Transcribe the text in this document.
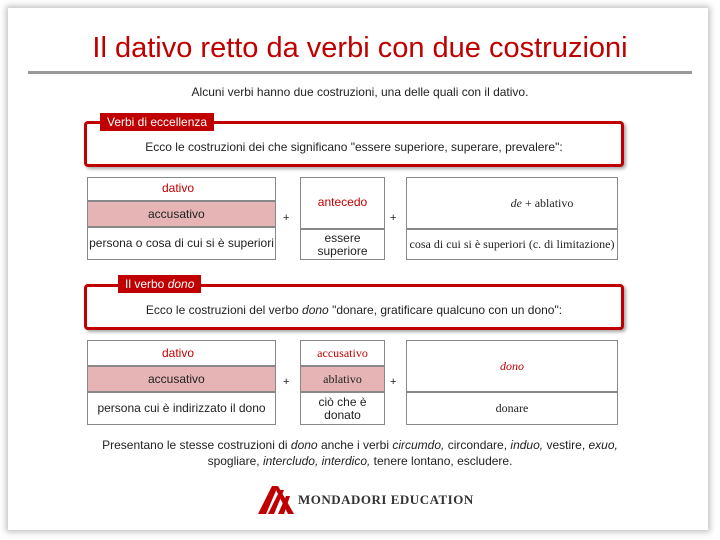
Il dativo retto da verbi con due costruzioni
Alcuni verbi hanno due costruzioni, una delle quali con il dativo.
Ecco le costruzioni dei che significano "essere superiore, superare, prevalere":
Verbi di eccellenza
dativo
accusativo
persona o cosa di cui si è superiori
+
antecedo
essere superiore
+
de
+ ablativo
cosa di cui si è superiori (c. di limitazione)
Ecco le costruzioni del verbo dono "donare, gratificare qualcuno con un dono":
Il verbo dono
dativo
accusativo
persona cui è indirizzato il dono
+
accusativo
ablativo
ciò che è donato
+
dono
donare
Presentano le stesse costruzioni di dono anche i verbi circumdo, circondare, induo, vestire, exuo,
spogliare, intercludo, interdico, tenere lontano, escludere.
MONDADORI EDUCATION
